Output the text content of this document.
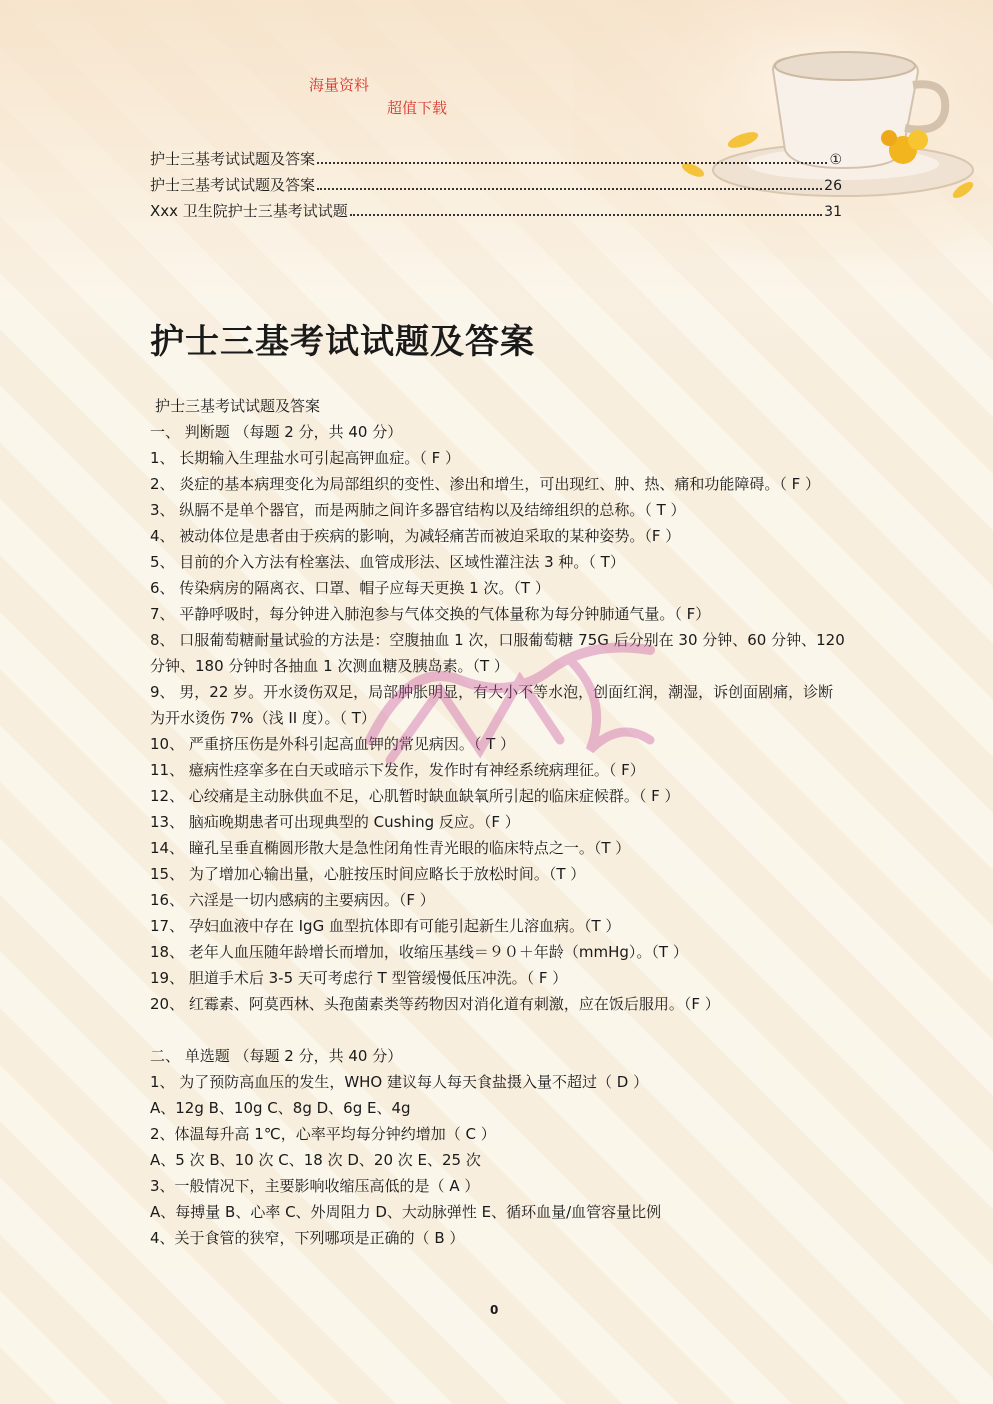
海量资料
超值下载
护士三基考试试题及答案	①
护士三基考试试题及答案	26
Xxx 卫生院护士三基考试试题	31
护士三基考试试题及答案
护士三基考试试题及答案
一、 判断题 （每题 2 分，共 40 分）
1、 长期输入生理盐水可引起高钾血症。（ F ）
2、 炎症的基本病理变化为局部组织的变性、渗出和增生，可出现红、肿、热、痛和功能障碍。（ F ）
3、 纵膈不是单个器官，而是两肺之间许多器官结构以及结缔组织的总称。（ T ）
4、 被动体位是患者由于疾病的影响，为减轻痛苦而被迫采取的某种姿势。（F ）
5、 目前的介入方法有栓塞法、血管成形法、区域性灌注法 3 种。（ T）
6、 传染病房的隔离衣、口罩、帽子应每天更换 1 次。（T ）
7、 平静呼吸时，每分钟进入肺泡参与气体交换的气体量称为每分钟肺通气量。（ F）
8、 口服葡萄糖耐量试验的方法是：空腹抽血 1 次，口服葡萄糖 75G 后分别在 30 分钟、60 分钟、120 分钟、180 分钟时各抽血 1 次测血糖及胰岛素。（T ）
9、 男，22 岁。开水烫伤双足，局部肿胀明显，有大小不等水泡，创面红润，潮湿，诉创面剧痛，诊断为开水烫伤 7%（浅 II 度）。（ T）
10、 严重挤压伤是外科引起高血钾的常见病因。（ T ）
11、 癔病性痉挛多在白天或暗示下发作，发作时有神经系统病理征。（ F）
12、 心绞痛是主动脉供血不足，心肌暂时缺血缺氧所引起的临床症候群。（ F ）
13、 脑疝晚期患者可出现典型的 Cushing 反应。（F ）
14、 瞳孔呈垂直椭圆形散大是急性闭角性青光眼的临床特点之一。（T ）
15、 为了增加心输出量，心脏按压时间应略长于放松时间。（T ）
16、 六淫是一切内感病的主要病因。（F ）
17、 孕妇血液中存在 IgG 血型抗体即有可能引起新生儿溶血病。（T ）
18、 老年人血压随年龄增长而增加，收缩压基线＝９０＋年龄（mmHg）。（T ）
19、 胆道手术后 3-5 天可考虑行 T 型管缓慢低压冲洗。（ F ）
20、 红霉素、阿莫西林、头孢菌素类等药物因对消化道有刺激，应在饭后服用。（F ）
二、 单选题 （每题 2 分，共 40 分）
1、 为了预防高血压的发生，WHO 建议每人每天食盐摄入量不超过（ D ）
A、12g B、10g C、8g D、6g E、4g
2、体温每升高 1℃，心率平均每分钟约增加（ C ）
A、5 次 B、10 次 C、18 次 D、20 次 E、25 次
3、一般情况下，主要影响收缩压高低的是（ A ）
A、每搏量 B、心率 C、外周阻力 D、大动脉弹性 E、循环血量/血管容量比例
4、关于食管的狭窄，下列哪项是正确的（ B ）
0
